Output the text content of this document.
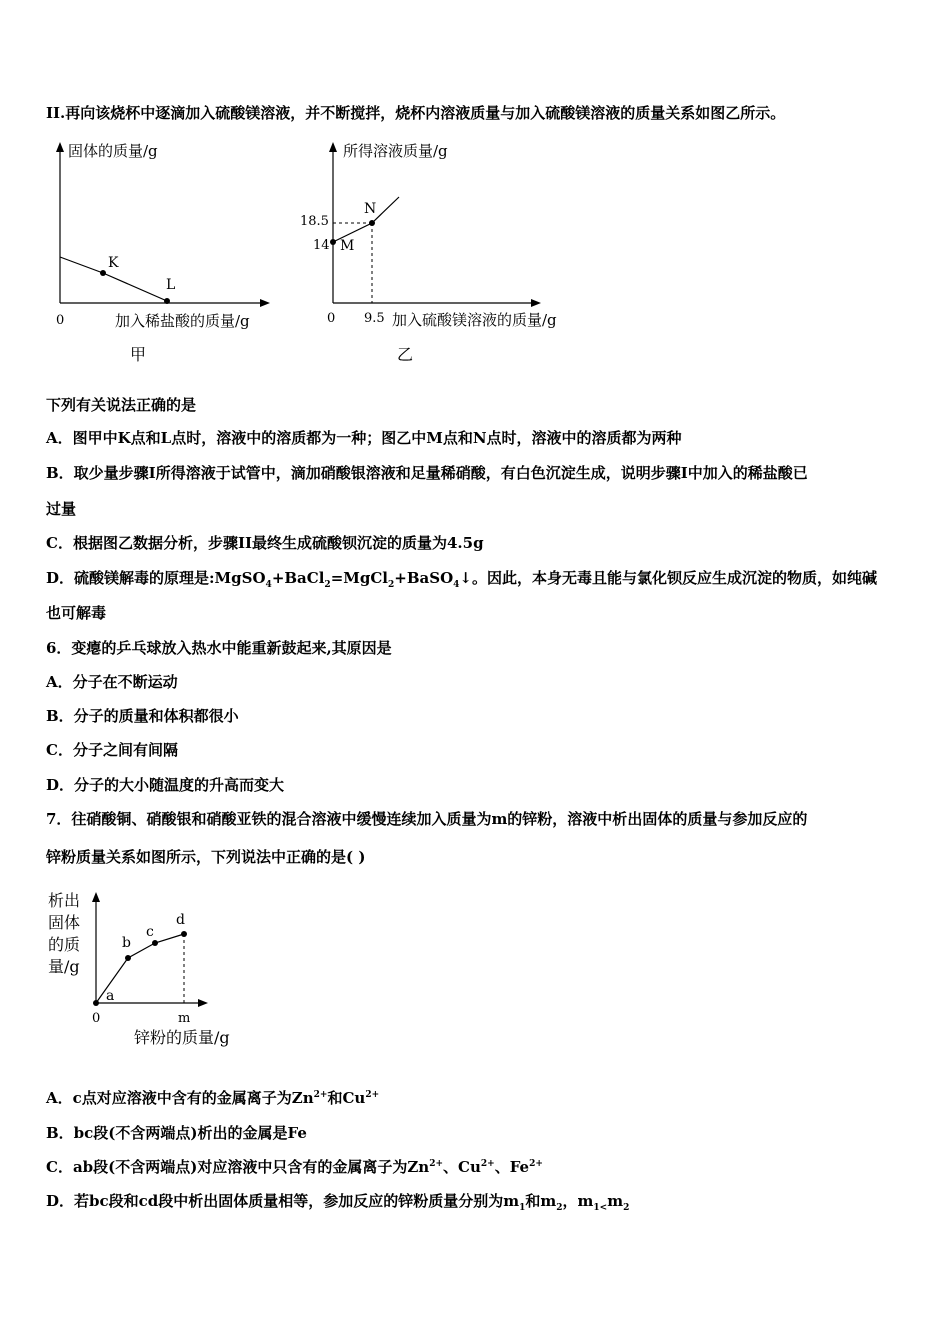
II.再向该烧杯中逐滴加入硫酸镁溶液，并不断搅拌，烧杯内溶液质量与加入硫酸镁溶液的质量关系如图乙所示。
固体的质量/g
0	加入稀盐酸的质量/g
K
L
甲
所得溶液质量/g
0 9.5 加入硫酸镁溶液的质量/g
18.5
14 M
N
乙
下列有关说法正确的是
A．图甲中K点和L点时，溶液中的溶质都为一种；图乙中M点和N点时，溶液中的溶质都为两种
B．取少量步骤I所得溶液于试管中，滴加硝酸银溶液和足量稀硝酸，有白色沉淀生成，说明步骤I中加入的稀盐酸已
过量
C．根据图乙数据分析，步骤II最终生成硫酸钡沉淀的质量为4.5g
D．硫酸镁解毒的原理是:MgSO$_4$+BaCl$_2$=MgCl$_2$+BaSO$_4$↓。因此，本身无毒且能与氯化钡反应生成沉淀的物质，如纯碱
也可解毒
6．变瘪的乒乓球放入热水中能重新鼓起来,其原因是
A．分子在不断运动
B．分子的质量和体积都很小
C．分子之间有间隔
D．分子的大小随温度的升高而变大
7．往硝酸铜、硝酸银和硝酸亚铁的混合溶液中缓慢连续加入质量为m的锌粉，溶液中析出固体的质量与参加反应的
锌粉质量关系如图所示，下列说法中正确的是( )
析出
固体
的质
量/g
a
b
c
d
0	m
锌粉的质量/g
A．c点对应溶液中含有的金属离子为$Zn^{2+}$和$Cu^{2+}$
B．bc段(不含两端点)析出的金属是Fe
C．ab段(不含两端点)对应溶液中只含有的金属离子为$Zn^{2+}$、$Cu^{2+}$、$Fe^{2+}$
D．若bc段和cd段中析出固体质量相等，参加反应的锌粉质量分别为$m_1$和$m_2$，$m_{1<}m_2$
